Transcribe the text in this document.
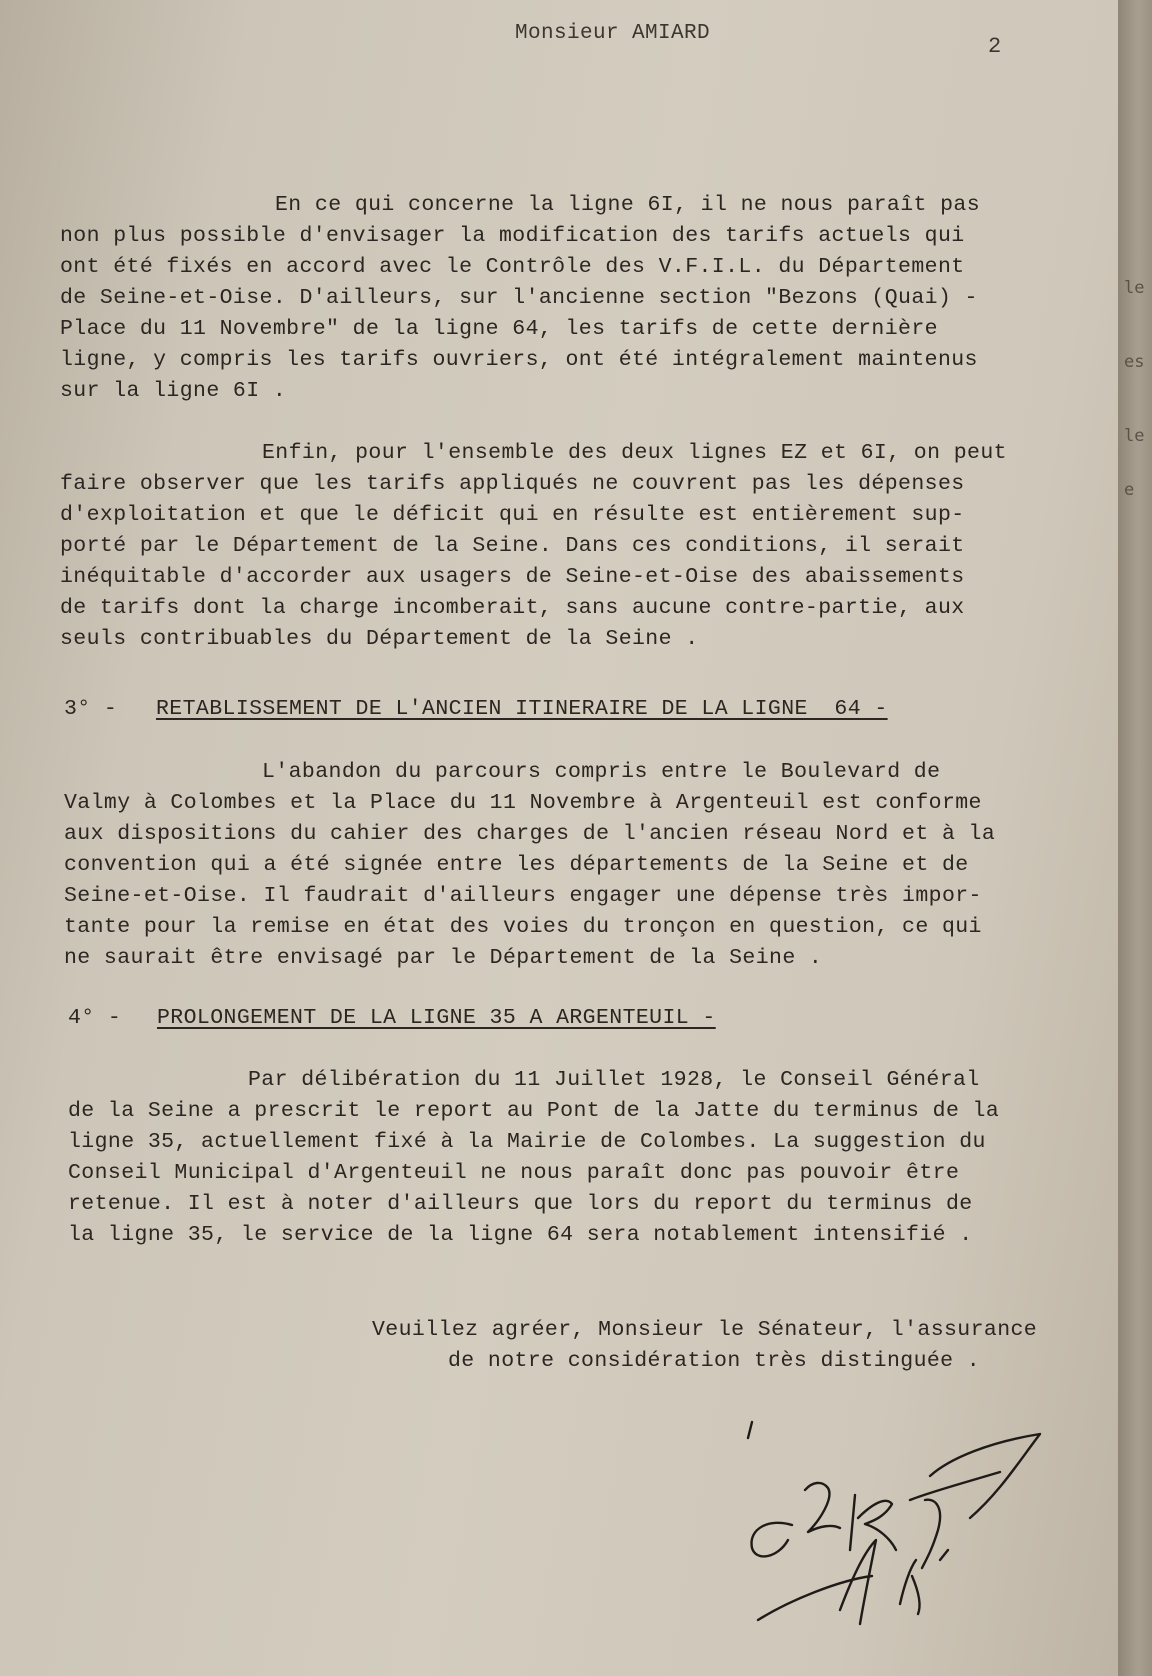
Monsieur AMIARD
2
En ce qui concerne la ligne 6I, il ne nous paraît pas
non plus possible d'envisager la modification des tarifs actuels qui
ont été fixés en accord avec le Contrôle des V.F.I.L. du Département
de Seine-et-Oise. D'ailleurs, sur l'ancienne section "Bezons (Quai) -
Place du 11 Novembre" de la ligne 64, les tarifs de cette dernière
ligne, y compris les tarifs ouvriers, ont été intégralement maintenus
sur la ligne 6I .
Enfin, pour l'ensemble des deux lignes EZ et 6I, on peut
faire observer que les tarifs appliqués ne couvrent pas les dépenses
d'exploitation et que le déficit qui en résulte est entièrement sup-
porté par le Département de la Seine. Dans ces conditions, il serait
inéquitable d'accorder aux usagers de Seine-et-Oise des abaissements
de tarifs dont la charge incomberait, sans aucune contre-partie, aux
seuls contribuables du Département de la Seine .
3° - RETABLISSEMENT DE L'ANCIEN ITINERAIRE DE LA LIGNE  64 -
L'abandon du parcours compris entre le Boulevard de
Valmy à Colombes et la Place du 11 Novembre à Argenteuil est conforme
aux dispositions du cahier des charges de l'ancien réseau Nord et à la
convention qui a été signée entre les départements de la Seine et de
Seine-et-Oise. Il faudrait d'ailleurs engager une dépense très impor-
tante pour la remise en état des voies du tronçon en question, ce qui
ne saurait être envisagé par le Département de la Seine .
4° - PROLONGEMENT DE LA LIGNE 35 A ARGENTEUIL -
Par délibération du 11 Juillet 1928, le Conseil Général
de la Seine a prescrit le report au Pont de la Jatte du terminus de la
ligne 35, actuellement fixé à la Mairie de Colombes. La suggestion du
Conseil Municipal d'Argenteuil ne nous paraît donc pas pouvoir être
retenue. Il est à noter d'ailleurs que lors du report du terminus de
la ligne 35, le service de la ligne 64 sera notablement intensifié .
Veuillez agréer, Monsieur le Sénateur, l'assurance
de notre considération très distinguée .
le
es
le
e
